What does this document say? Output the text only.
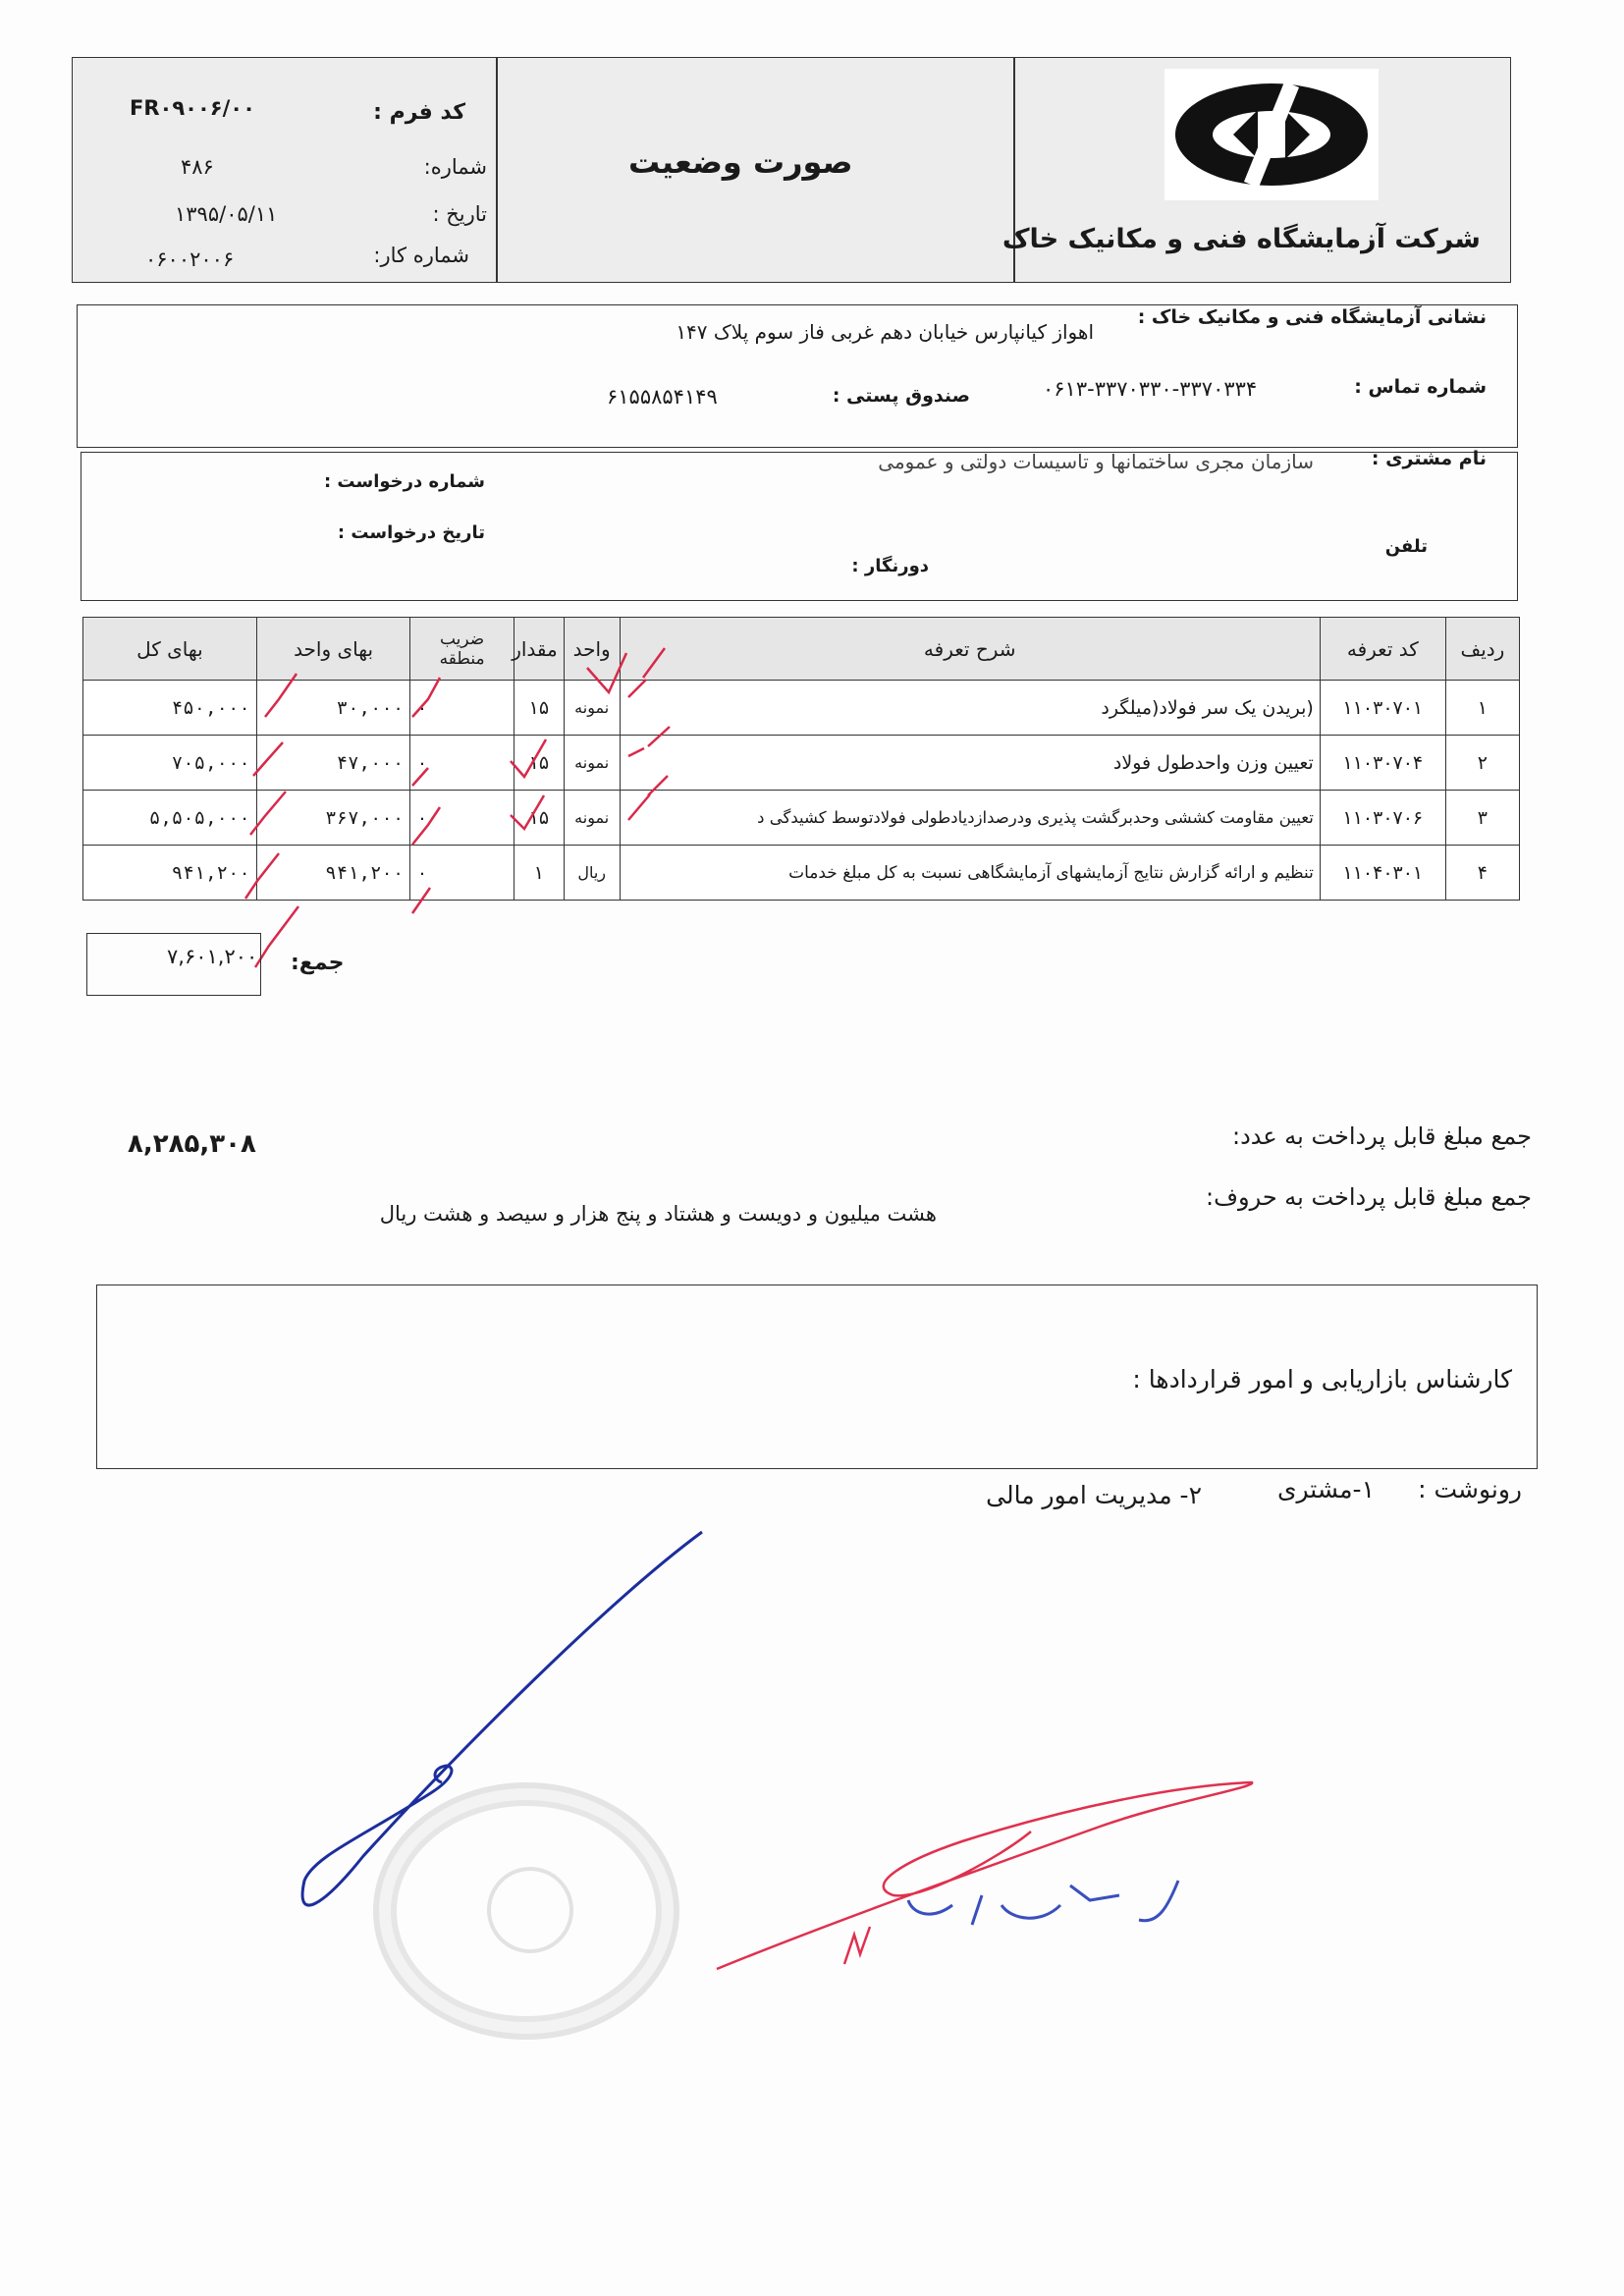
کد فرم :
FR۰۹۰۰۶/۰۰
شماره:
۴۸۶
تاریخ :
۱۳۹۵/۰۵/۱۱
شماره کار:
۰۶۰۰۲۰۰۶
صورت وضعیت
شرکت آزمایشگاه فنی و مکانیک خاک
نشانی آزمایشگاه فنی و مکانیک خاک :
اهواز کیانپارس خیابان دهم غربی فاز سوم پلاک ۱۴۷
شماره تماس :
۰۶۱۳-۳۳۷۰۳۳۰-۳۳۷۰۳۳۴
صندوق پستی :
۶۱۵۵۸۵۴۱۴۹
نام مشتری :
سازمان مجری ساختمانها و تاسیسات دولتی و عمومی
شماره درخواست :
تاریخ درخواست :
تلفن
دورنگار :
ردیف	کد تعرفه	شرح تعرفه	واحد	مقدار	ضریب منطقه	بهای واحد	بهای کل
۱	۱۱۰۳۰۷۰۱	(بریدن یک سر فولاد(میلگرد	نمونه	۱۵	۰	۳۰,۰۰۰	۴۵۰,۰۰۰
۲	۱۱۰۳۰۷۰۴	تعیین وزن واحدطول فولاد	نمونه	۱۵	۰	۴۷,۰۰۰	۷۰۵,۰۰۰
۳	۱۱۰۳۰۷۰۶	تعیین مقاومت کششی وحدبرگشت پذیری ودرصدازدیادطولی فولادتوسط کشیدگی د	نمونه	۱۵	۰	۳۶۷,۰۰۰	۵,۵۰۵,۰۰۰
۴	۱۱۰۴۰۳۰۱	تنظیم و ارائه گزارش نتایج آزمایشهای آزمایشگاهی نسبت به کل مبلغ خدمات	ریال	۱	۰	۹۴۱,۲۰۰	۹۴۱,۲۰۰
۷,۶۰۱,۲۰۰ جمع:
جمع مبلغ قابل پرداخت به عدد:
۸,۲۸۵,۳۰۸
جمع مبلغ قابل پرداخت به حروف:
هشت میلیون و دویست و هشتاد و پنج هزار و سیصد و هشت ریال
کارشناس بازاریابی و امور قراردادها :
رونوشت :
۱-مشتری
۲- مدیریت امور مالی
